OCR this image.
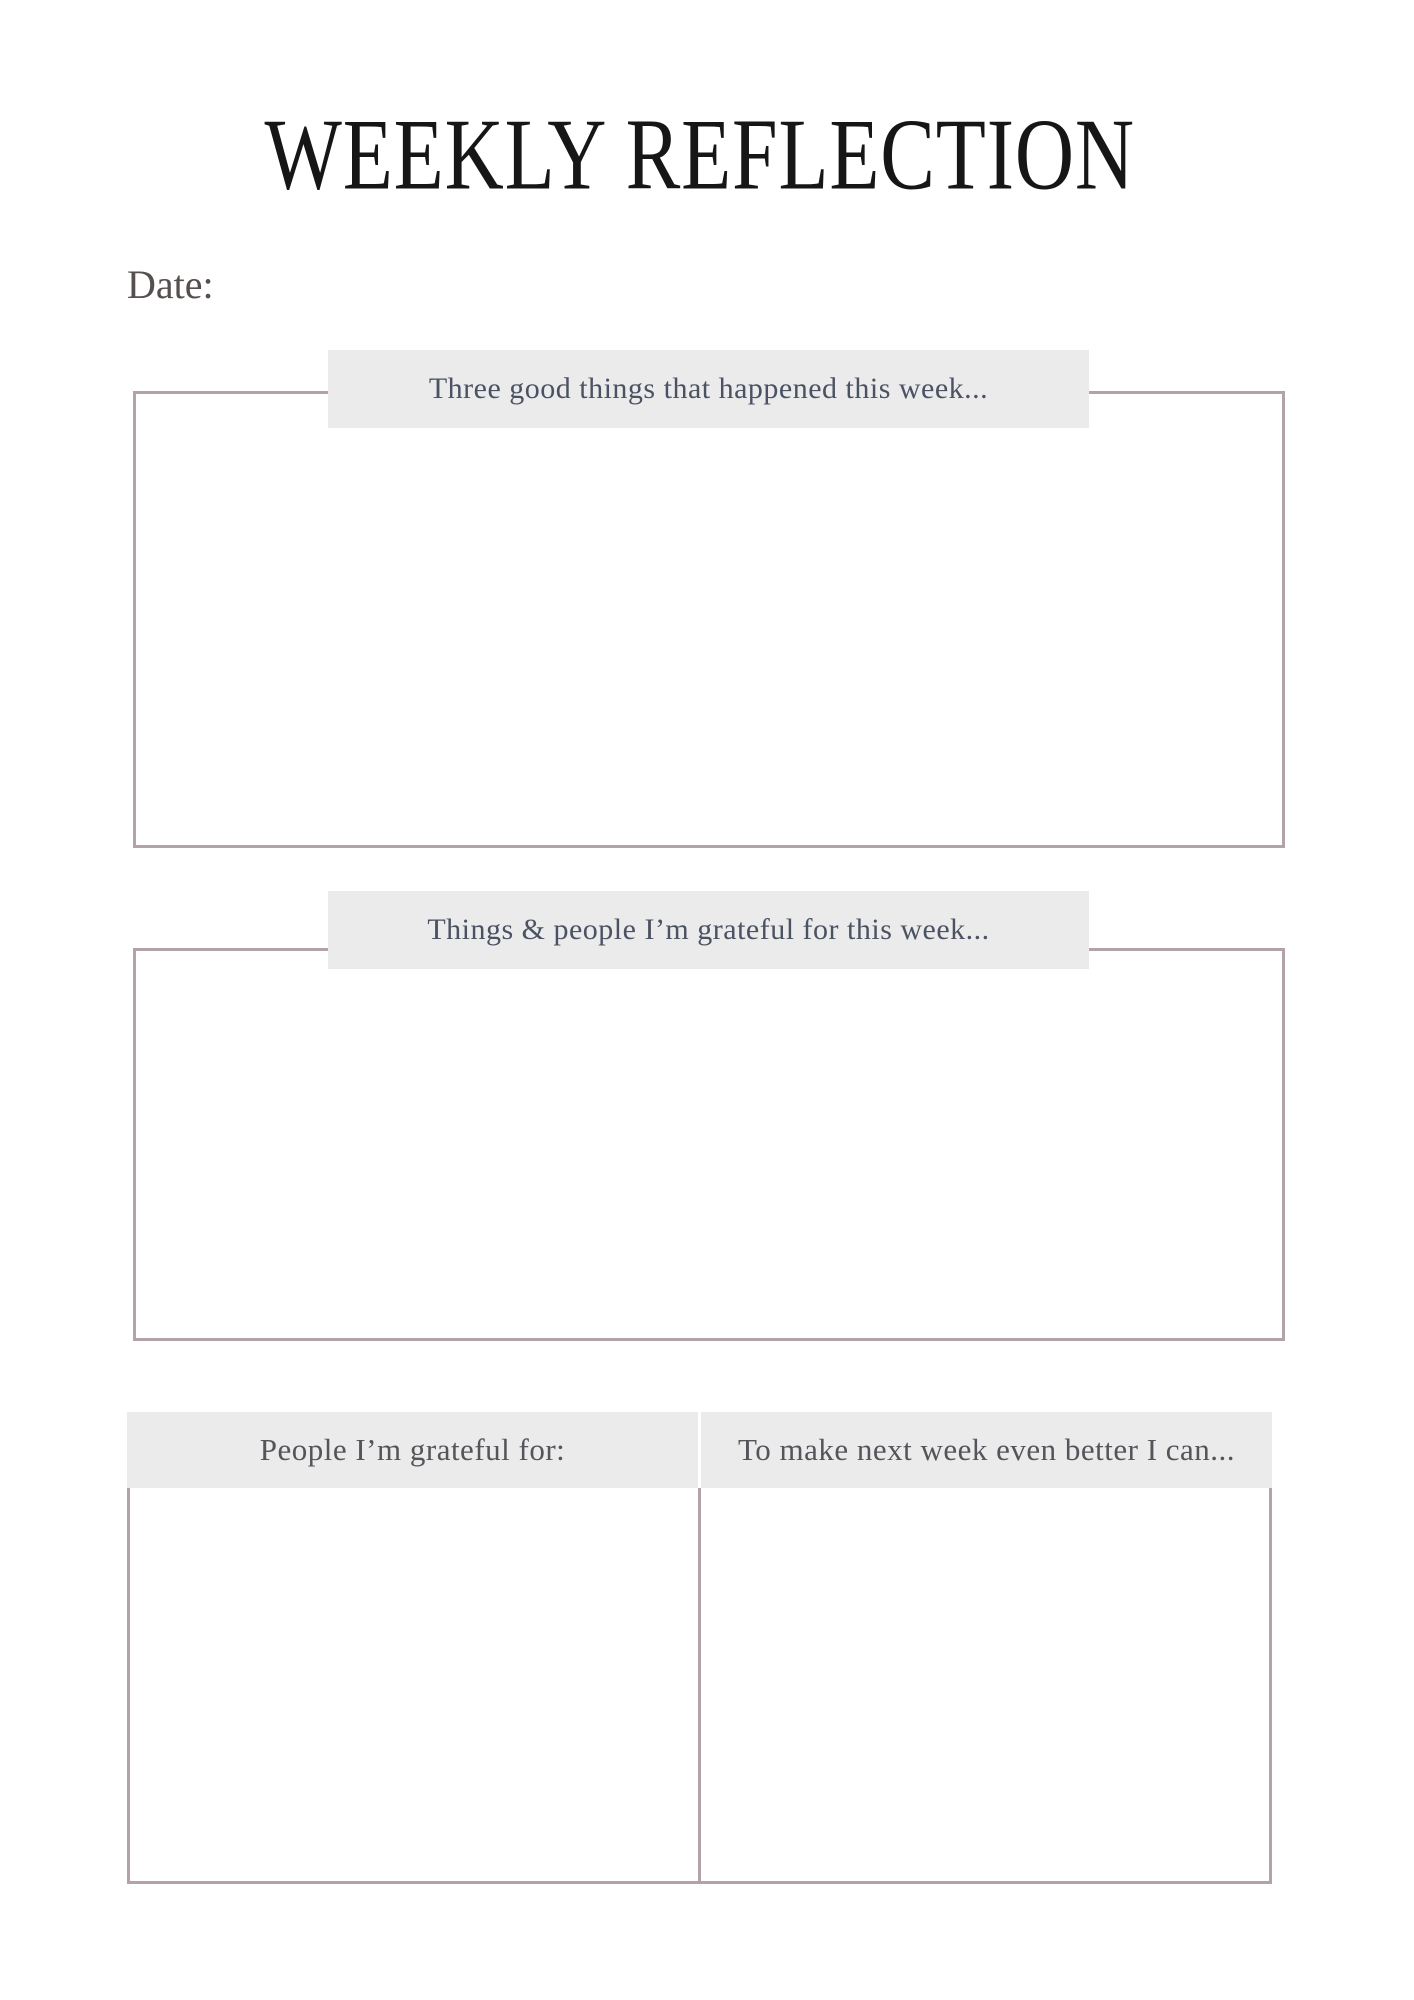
WEEKLY REFLECTION
Date:
Three good things that happened this week...
Things & people I’m grateful for this week...
People I’m grateful for:	To make next week even better I can...
